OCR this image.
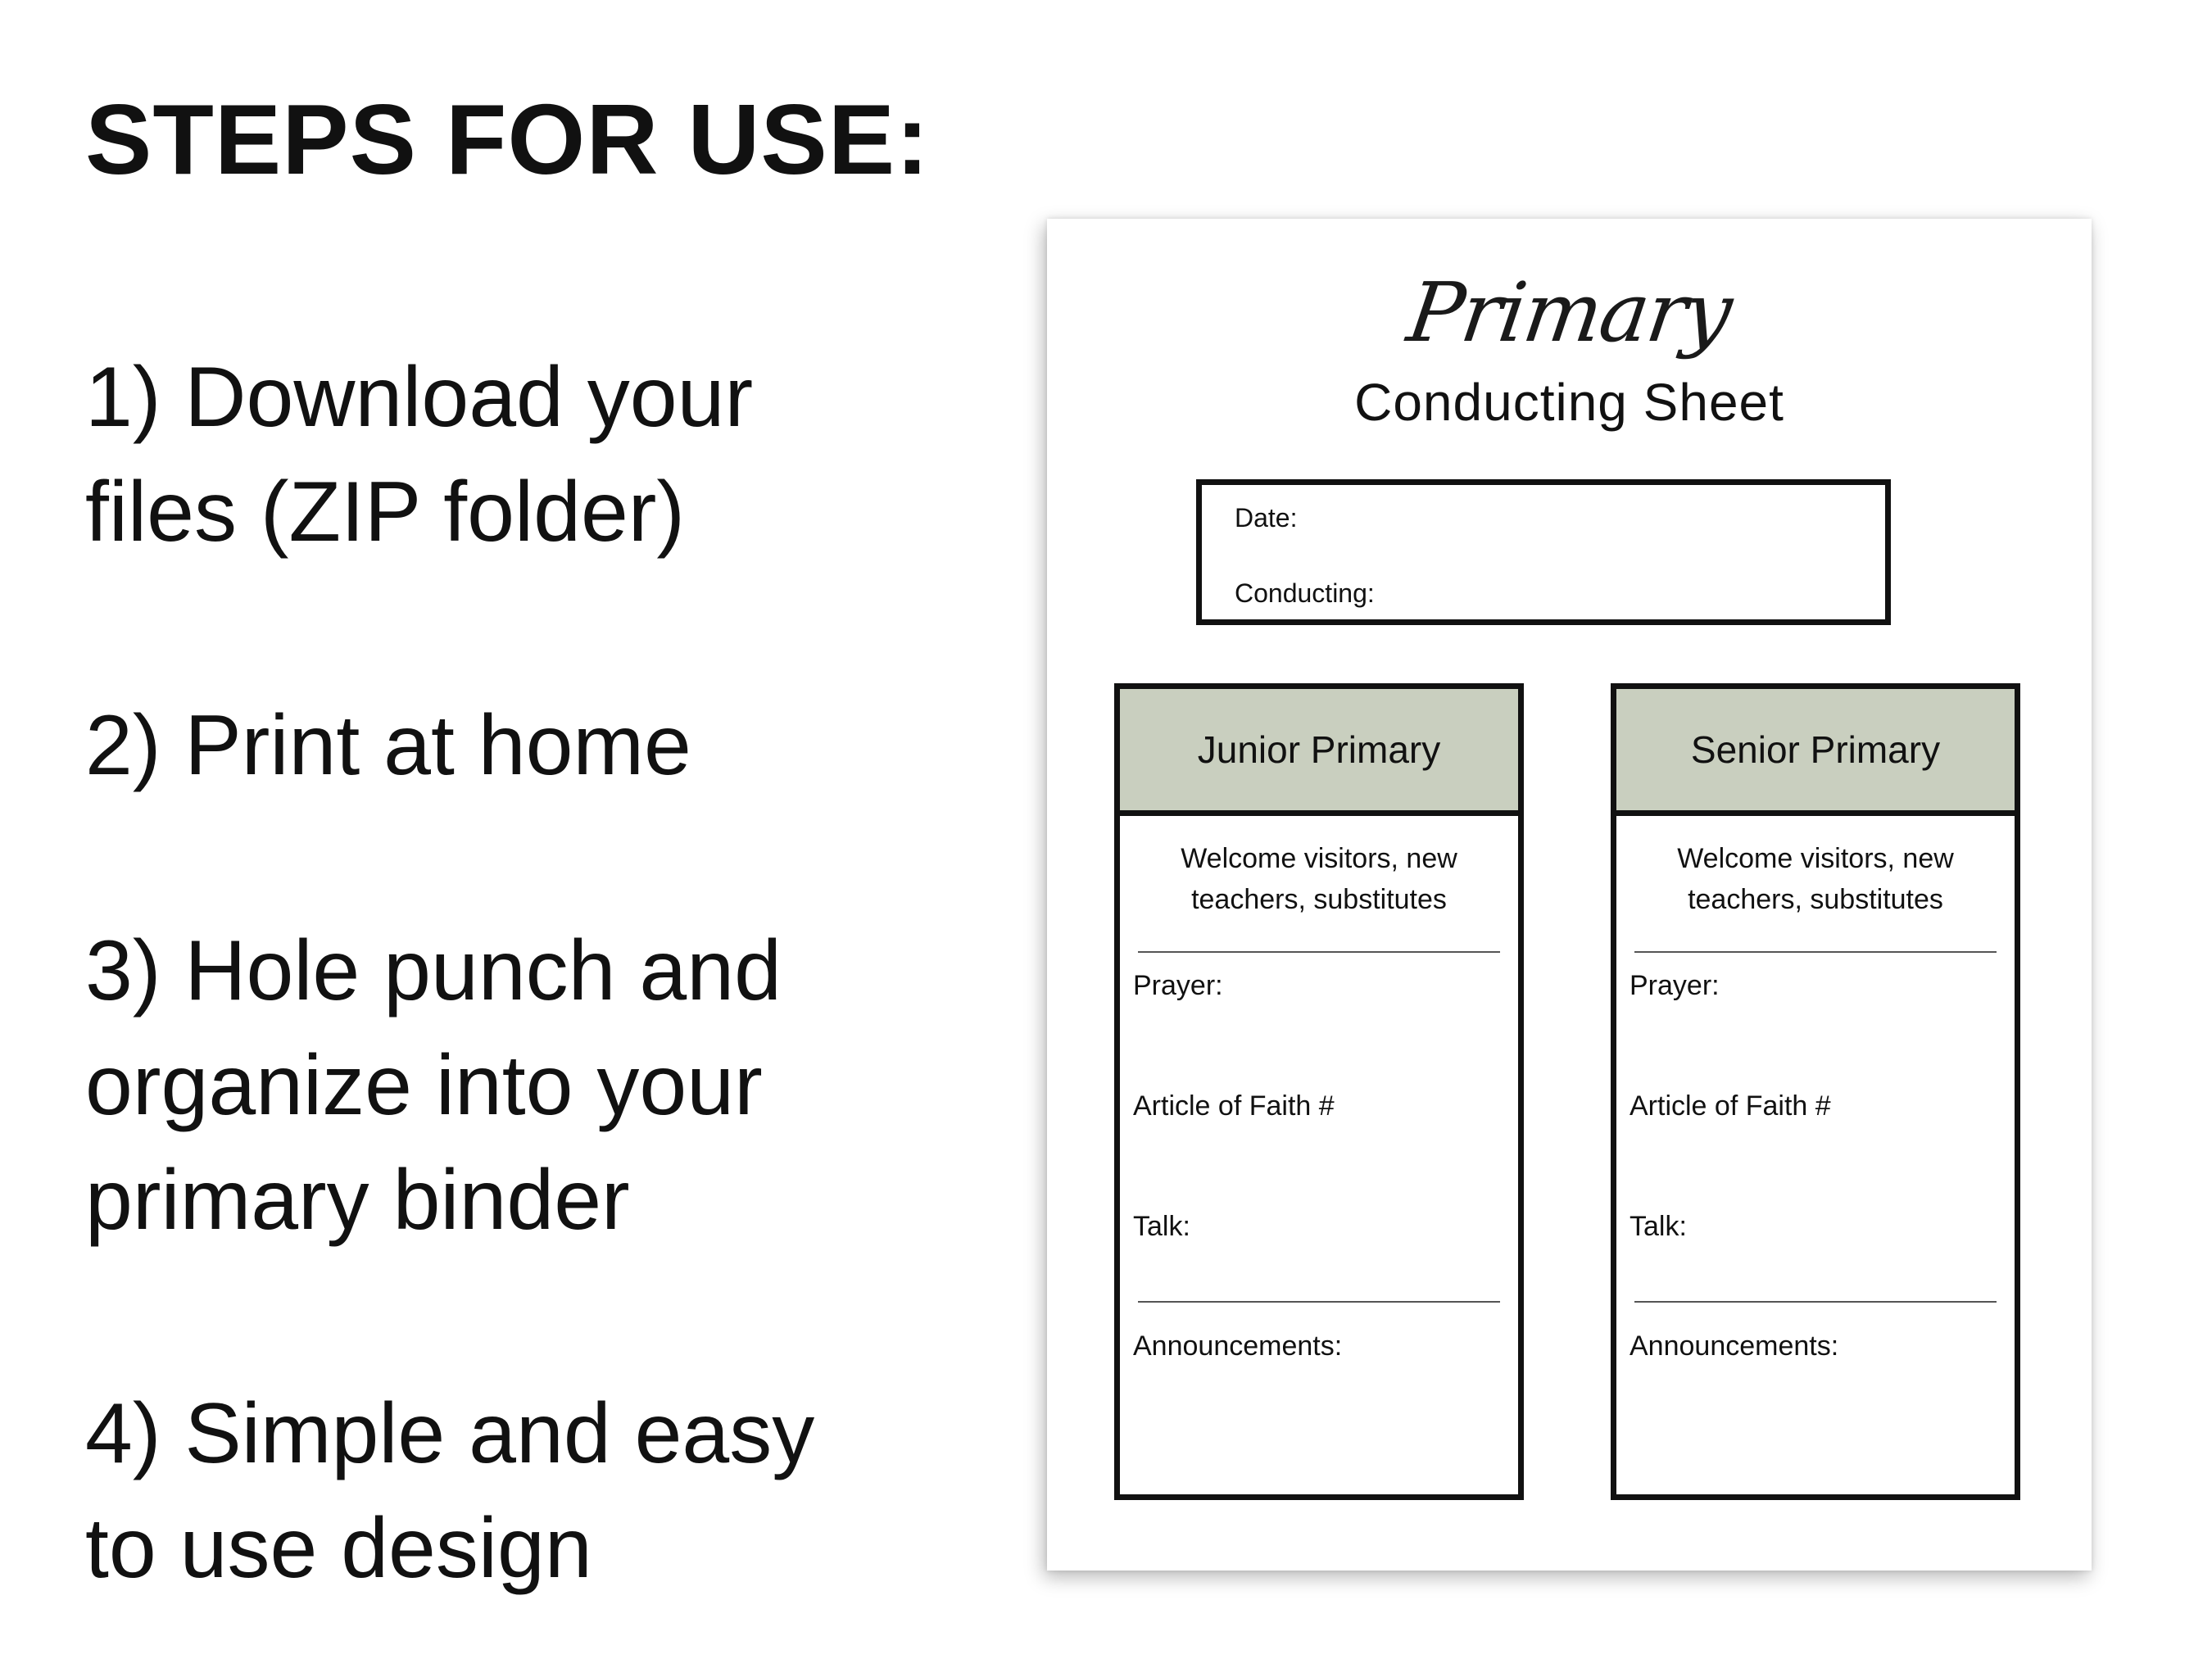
STEPS FOR USE:
1) Download your
files (ZIP folder)
2) Print at home
3) Hole punch and
organize into your
primary binder
4) Simple and easy
to use design
Primary
Conducting Sheet
Date:
Conducting:
Junior Primary
Welcome visitors, new
teachers, substitutes
Prayer:
Article of Faith #
Talk:
Announcements:
Senior Primary
Welcome visitors, new
teachers, substitutes
Prayer:
Article of Faith #
Talk:
Announcements:
